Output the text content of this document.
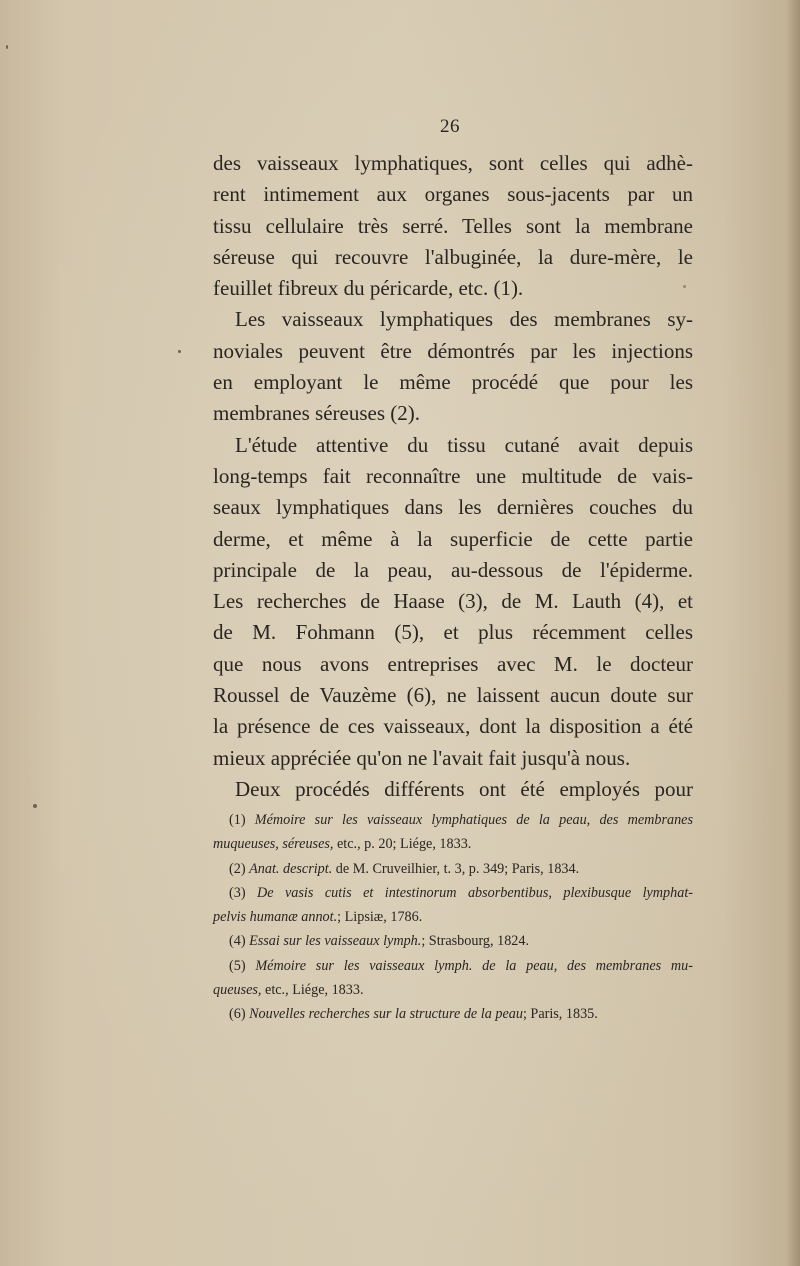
26
des vaisseaux lymphatiques, sont celles qui adhè-
rent intimement aux organes sous-jacents par un
tissu cellulaire très serré. Telles sont la membrane
séreuse qui recouvre l'albuginée, la dure-mère, le
feuillet fibreux du péricarde, etc. (1).
Les vaisseaux lymphatiques des membranes sy-
noviales peuvent être démontrés par les injections
en employant le même procédé que pour les
membranes séreuses (2).
L'étude attentive du tissu cutané avait depuis
long-temps fait reconnaître une multitude de vais-
seaux lymphatiques dans les dernières couches du
derme, et même à la superficie de cette partie
principale de la peau, au-dessous de l'épiderme.
Les recherches de Haase (3), de M. Lauth (4), et
de M. Fohmann (5), et plus récemment celles
que nous avons entreprises avec M. le docteur
Roussel de Vauzème (6), ne laissent aucun doute sur
la présence de ces vaisseaux, dont la disposition a été
mieux appréciée qu'on ne l'avait fait jusqu'à nous.
Deux procédés différents ont été employés pour
(1) Mémoire sur les vaisseaux lymphatiques de la peau, des membranes
muqueuses, séreuses, etc., p. 20; Liége, 1833.
(2) Anat. descript. de M. Cruveilhier, t. 3, p. 349; Paris, 1834.
(3) De vasis cutis et intestinorum absorbentibus, plexibusque lymphat-
pelvis humanæ annot.; Lipsiæ, 1786.
(4) Essai sur les vaisseaux lymph.; Strasbourg, 1824.
(5) Mémoire sur les vaisseaux lymph. de la peau, des membranes mu-
queuses, etc., Liége, 1833.
(6) Nouvelles recherches sur la structure de la peau; Paris, 1835.
